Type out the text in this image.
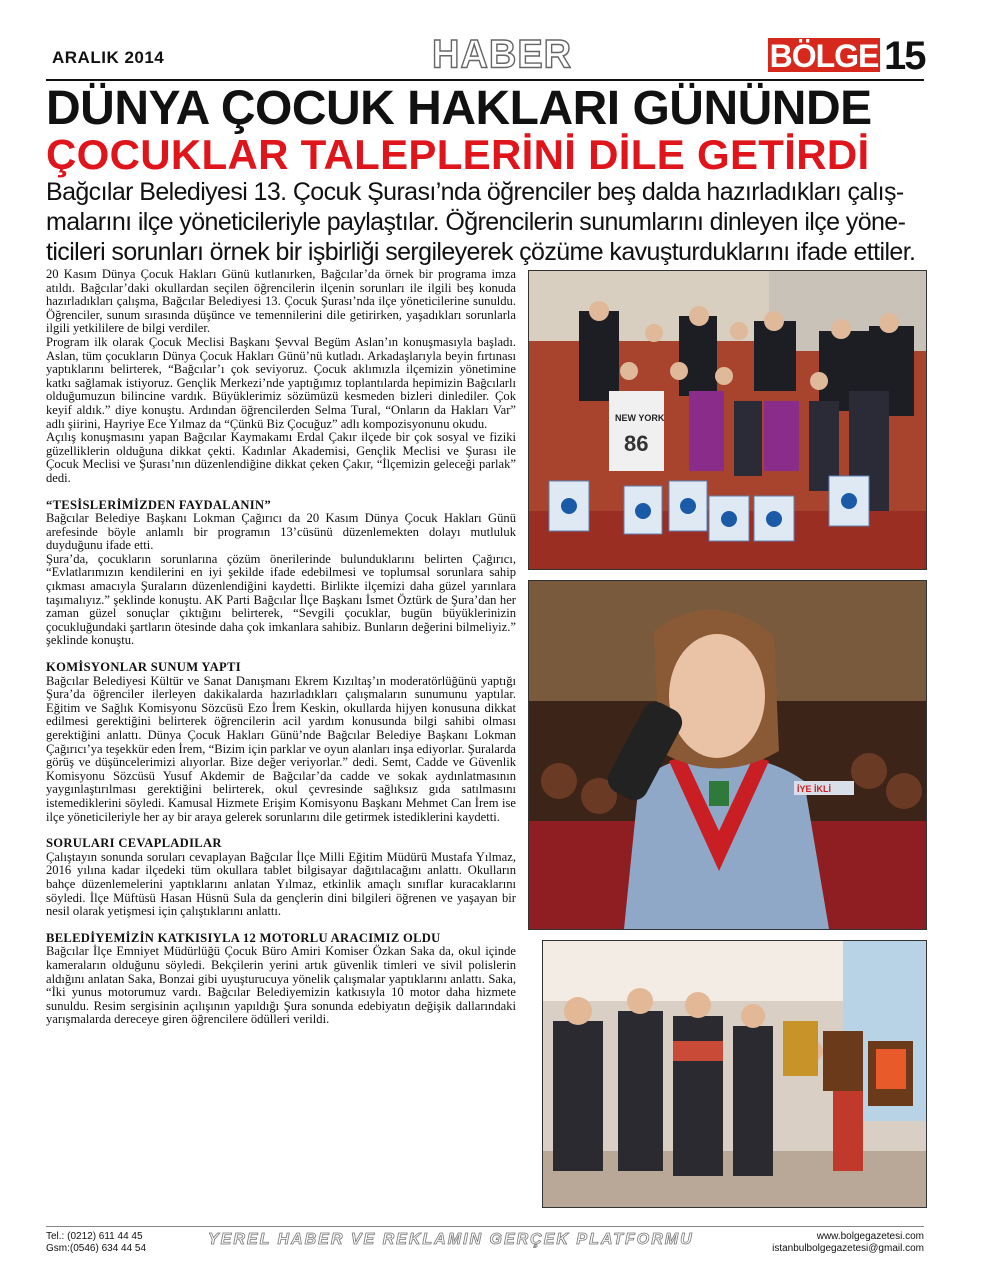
ARALIK 2014	HABER	BÖLGE 15
DÜNYA ÇOCUK HAKLARI GÜNÜNDE
ÇOCUKLAR TALEPLERİNİ DİLE GETİRDİ
Bağcılar Belediyesi 13. Çocuk Şurası’nda öğrenciler beş dalda hazırladıkları çalış-malarını ilçe yöneticileriyle paylaştılar. Öğrencilerin sunumlarını dinleyen ilçe yöne-ticileri sorunları örnek bir işbirliği sergileyerek çözüme kavuşturduklarını ifade ettiler.

20 Kasım Dünya Çocuk Hakları Günü kutlanırken, Bağcılar’da örnek bir programa imza atıldı. Bağcılar’daki okullardan seçilen öğrencilerin ilçenin sorunları ile ilgili beş konuda hazırladıkları çalışma, Bağcılar Belediyesi 13. Çocuk Şurası’nda ilçe yöneticilerine sunuldu. Öğrenciler, sunum sırasında düşünce ve temennilerini dile getirirken, yaşadıkları sorunlarla ilgili yetkililere de bilgi verdiler.

Program ilk olarak Çocuk Meclisi Başkanı Şevval Begüm Aslan’ın konuşmasıyla başladı. Aslan, tüm çocukların Dünya Çocuk Hakları Günü’nü kutladı. Arkadaşlarıyla beyin fırtınası yaptıklarını belirterek, “Bağcılar’ı çok seviyoruz. Çocuk aklımızla ilçemizin yönetimine katkı sağlamak istiyoruz. Gençlik Merkezi’nde yaptığımız toplantılarda hepimizin Bağcılarlı olduğumuzun bilincine vardık. Büyüklerimiz sözümüzü kesmeden bizleri dinlediler. Çok keyif aldık.” diye konuştu. Ardından öğrencilerden Selma Tural, “Onların da Hakları Var” adlı şiirini, Hayriye Ece Yılmaz da “Çünkü Biz Çocuğuz” adlı kompozisyonunu okudu.

Açılış konuşmasını yapan Bağcılar Kaymakamı Erdal Çakır ilçede bir çok sosyal ve fiziki güzelliklerin olduğuna dikkat çekti. Kadınlar Akademisi, Gençlik Meclisi ve Şurası ile Çocuk Meclisi ve Şurası’nın düzenlendiğine dikkat çeken Çakır, “İlçemizin geleceği parlak” dedi.

“TESİSLERİMİZDEN FAYDALANIN”

Bağcılar Belediye Başkanı Lokman Çağırıcı da 20 Kasım Dünya Çocuk Hakları Günü arefesinde böyle anlamlı bir programın 13’cüsünü düzenlemekten dolayı mutluluk duyduğunu ifade etti.

Şura’da, çocukların sorunlarına çözüm önerilerinde bulunduklarını belirten Çağırıcı, “Evlatlarımızın kendilerini en iyi şekilde ifade edebilmesi ve toplumsal sorunlara sahip çıkması amacıyla Şuraların düzenlendiğini kaydetti. Birlikte ilçemizi daha güzel yarınlara taşımalıyız.” şeklinde konuştu. AK Parti Bağcılar İlçe Başkanı İsmet Öztürk de Şura’dan her zaman güzel sonuçlar çıktığını belirterek, “Sevgili çocuklar, bugün büyüklerinizin çocukluğundaki şartların ötesinde daha çok imkanlara sahibiz. Bunların değerini bilmeliyiz.” şeklinde konuştu.

KOMİSYONLAR SUNUM YAPTI

Bağcılar Belediyesi Kültür ve Sanat Danışmanı Ekrem Kızıltaş’ın moderatörlüğünü yaptığı Şura’da öğrenciler ilerleyen dakikalarda hazırladıkları çalışmaların sunumunu yaptılar. Eğitim ve Sağlık Komisyonu Sözcüsü Ezo İrem Keskin, okullarda hijyen konusuna dikkat edilmesi gerektiğini belirterek öğrencilerin acil yardım konusunda bilgi sahibi olması gerektiğini anlattı. Dünya Çocuk Hakları Günü’nde Bağcılar Belediye Başkanı Lokman Çağırıcı’ya teşekkür eden İrem, “Bizim için parklar ve oyun alanları inşa ediyorlar. Şuralarda görüş ve düşüncelerimizi alıyorlar. Bize değer veriyorlar.” dedi. Semt, Cadde ve Güvenlik Komisyonu Sözcüsü Yusuf Akdemir de Bağcılar’da cadde ve sokak aydınlatmasının yaygınlaştırılması gerektiğini belirterek, okul çevresinde sağlıksız gıda satılmasını istemediklerini söyledi. Kamusal Hizmete Erişim Komisyonu Başkanı Mehmet Can İrem ise ilçe yöneticileriyle her ay bir araya gelerek sorunlarını dile getirmek istediklerini kaydetti.

SORULARI CEVAPLADILAR

Çalıştayın sonunda soruları cevaplayan Bağcılar İlçe Milli Eğitim Müdürü Mustafa Yılmaz, 2016 yılına kadar ilçedeki tüm okullara tablet bilgisayar dağıtılacağını anlattı. Okulların bahçe düzenlemelerini yaptıklarını anlatan Yılmaz, etkinlik amaçlı sınıflar kuracaklarını söyledi. İlçe Müftüsü Hasan Hüsnü Sula da gençlerin dini bilgileri öğrenen ve yaşayan bir nesil olarak yetişmesi için çalıştıklarını anlattı.

BELEDİYEMİZİN KATKISIYLA 12 MOTORLU ARACIMIZ OLDU

Bağcılar İlçe Emniyet Müdürlüğü Çocuk Büro Amiri Komiser Özkan Saka da, okul içinde kameraların olduğunu söyledi. Bekçilerin yerini artık güvenlik timleri ve sivil polislerin aldığını anlatan Saka, Bonzai gibi uyuşturucuya yönelik çalışmalar yaptıklarını anlattı. Saka, “İki yunus motorumuz vardı. Bağcılar Belediyemizin katkısıyla 10 motor daha hizmete sunuldu. Resim sergisinin açılışının yapıldığı Şura sonunda edebiyatın değişik dallarındaki yarışmalarda dereceye giren öğrencilere ödülleri verildi.

NEW YORK
86
İYE İKLİ
Tel.: (0212) 611 44 45
Gsm:(0546) 634 44 54
YEREL HABER VE REKLAMIN GERÇEK PLATFORMU	www.bolgegazetesi.com
istanbulbolgegazetesi@gmail.com
